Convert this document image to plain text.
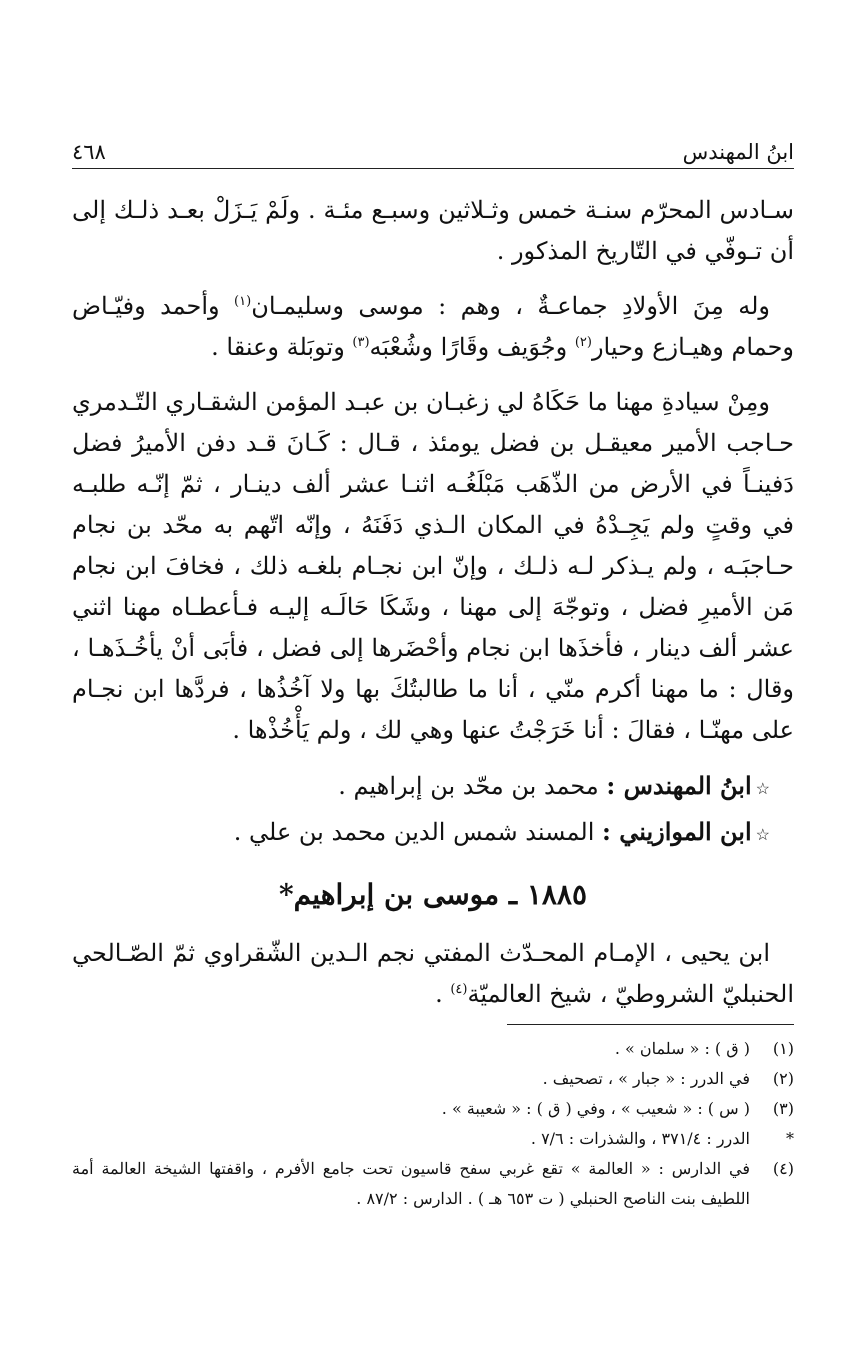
ابنُ المهندس
٤٦٨

سـادس المحرّم سنـة خمس وثـلاثين وسبـع مئـة . ولَمْ يَـزَلْ بعـد ذلـك إلى أن تـوفّي في التّاريخ المذكور .

وله مِنَ الأولادِ جماعـةٌ ، وهم : موسى وسليمـان$^{(١)}$ وأحمد وفيّـاض وحمام وهيـازع وحيار$^{(٢)}$ وجُوَيف وقَارًا وشُعْبَه$^{(٣)}$ وتوبَلة وعنقا .

ومِنْ سيادةِ مهنا ما حَكَاهُ لي زغبـان بن عبـد المؤمن الشقـاري التّـدمري حـاجب الأمير معيقـل بن فضل يومئذ ، قـال : كَـانَ قـد دفن الأميرُ فضل دَفينـاً في الأرض من الذّهَب مَبْلَغُـه اثنـا عشر ألف دينـار ، ثمّ إنّـه طلبـه في وقتٍ ولم يَجِـدْهُ في المكان الـذي دَفَنَهُ ، وإنّه اتّهم به محّد بن نجام حـاجبَـه ، ولم يـذكر لـه ذلـك ، وإنّ ابن نجـام بلغـه ذلك ، فخافَ ابن نجام مَن الأميرِ فضل ، وتوجّهَ إلى مهنا ، وشَكَا حَالَـه إليـه فـأعطـاه مهنا اثني عشر ألف دينار ، فأخذَها ابن نجام وأحْضَرها إلى فضل ، فأبَى أنْ يأخُـذَهـا ، وقال : ما مهنا أكرم منّي ، أنا ما طالبتُكَ بها ولا آخُذُها ، فردَّها ابن نجـام على مهنّـا ، فقالَ : أنا خَرَجْتُ عنها وهي لك ، ولم يَأْخُذْها .

☆ابنُ المهندس : محمد بن محّد بن إبراهيم .

☆ابن الموازيني : المسند شمس الدين محمد بن علي .

١٨٨٥ ـ موسى بن إبراهيم*

ابن يحيى ، الإمـام المحـدّث المفتي نجم الـدين الشّقراوي ثمّ الصّـالحي الحنبليّ الشروطيّ ، شيخ العالميّة$^{(٤)}$ .

(١)
( ق ) : « سلمان » .
(٢)
في الدرر : « جبار » ، تصحيف .
(٣)
( س ) : « شعيب » ، وفي ( ق ) : « شعيبة » .
*
الدرر : ٣٧١/٤ ، والشذرات : ٧/٦ .
(٤)
في الدارس : « العالمة » تقع غربي سفح قاسيون تحت جامع الأفرم ، واقفتها الشيخة العالمة أمة اللطيف بنت الناصح الحنبلي ( ت ٦٥٣ هـ ) . الدارس : ٨٧/٢ .
